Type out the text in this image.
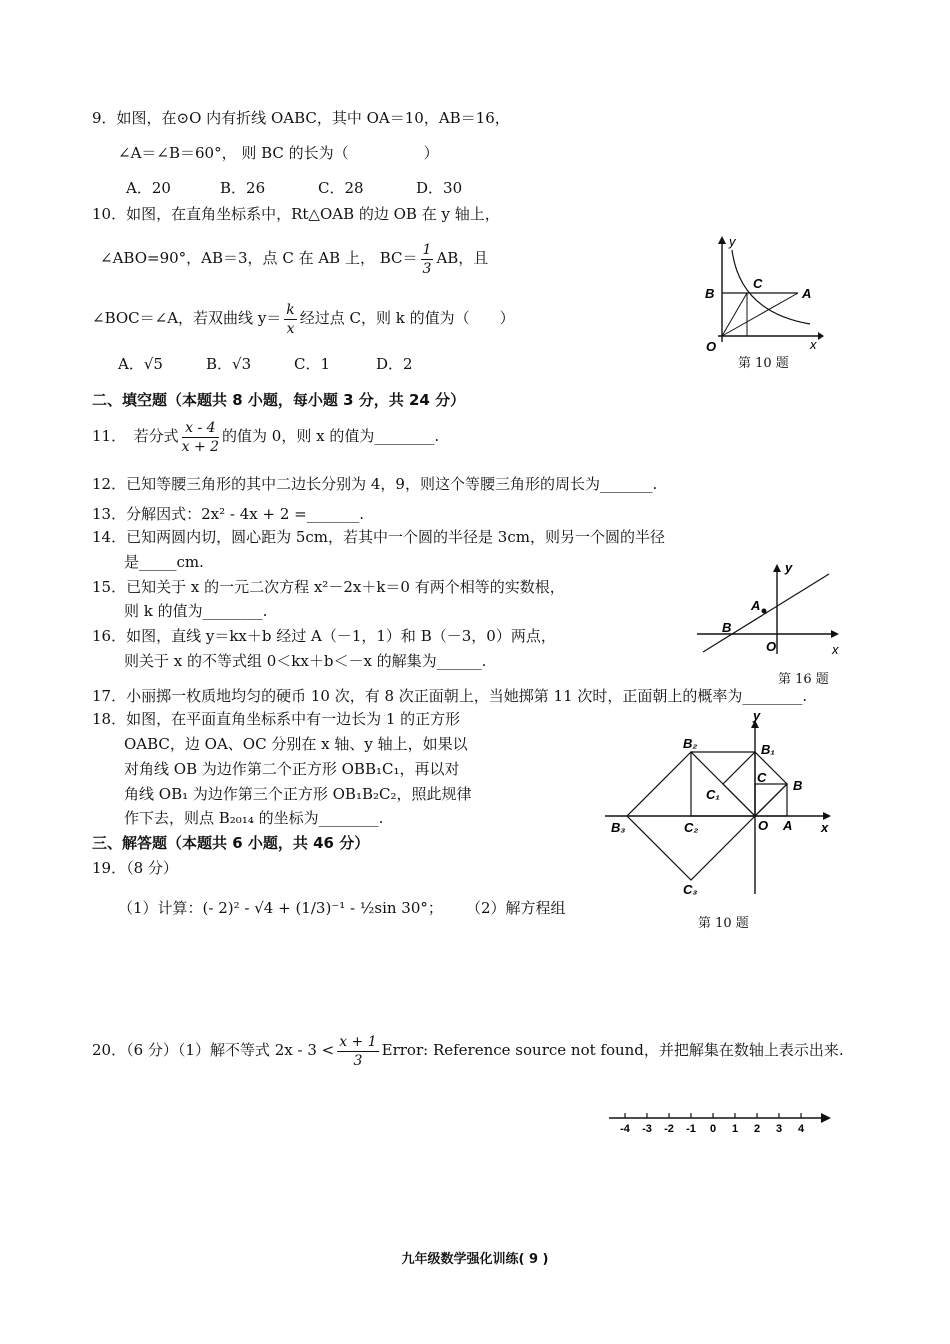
9．如图，在⊙O 内有折线 OABC，其中 OA＝10，AB＝16，
∠A＝∠B＝60°， 则 BC 的长为（　　　　　）
A．20	B．26	C．28	D．30
10．如图，在直角坐标系中，Rt△OAB 的边 OB 在 y 轴上，
∠ABO=90°，AB＝3，点 C 在 AB 上， $BC= \frac{1}{3}$ AB，且
∠BOC＝∠A，若双曲线 $y= \frac{k}{x}$ 经过点 C，则 k 的值为（　　）
A．√5	B．√3	C．1	D．2
y
x
O
B	A
C
第 10 题
二、填空题（本题共 8 小题，每小题 3 分，共 24 分）
11．　若分式 $\frac{x - 4}{x + 2}$ 的值为 0，则 x 的值为________.
12．已知等腰三角形的其中二边长分别为 4，9，则这个等腰三角形的周长为_______.
13．分解因式：2x² - 4x + 2 =_______.
14．已知两圆内切，圆心距为 5cm，若其中一个圆的半径是 3cm，则另一个圆的半径
是_____cm.
15．已知关于 x 的一元二次方程 x²－2x＋k＝0 有两个相等的实数根，
则 k 的值为________.
16．如图，直线 y＝kx＋b 经过 A（－1，1）和 B（－3，0）两点，
则关于 x 的不等式组 0＜kx＋b＜－x 的解集为______.
y
x
O
A
B
第 16 题
17．小丽掷一枚质地均匀的硬币 10 次，有 8 次正面朝上，当她掷第 11 次时，正面朝上的概率为________.
18．如图，在平面直角坐标系中有一边长为 1 的正方形
OABC，边 OA、OC 分别在 x 轴、y 轴上，如果以
对角线 OB 为边作第二个正方形 OBB₁C₁，再以对
角线 OB₁ 为边作第三个正方形 OB₁B₂C₂，照此规律
作下去，则点 B₂₀₁₄ 的坐标为________.
y
x
O A
B
C
B₁
C₁
B₂
C₂
B₃
C₃
三、解答题（本题共 6 小题，共 46 分）
19．（8 分）
（1）计算：(- 2)² - √4 + (1/3)⁻¹ - ½sin 30°； （2）解方程组
第 10 题
20．（6 分）（1）解不等式 $2x - 3 < \frac{x + 1}{3}$ Error: Reference source not found，并把解集在数轴上表示出来.
-4 -3 -2 -1 0 1 2 3 4
九年级数学强化训练( 9 )
